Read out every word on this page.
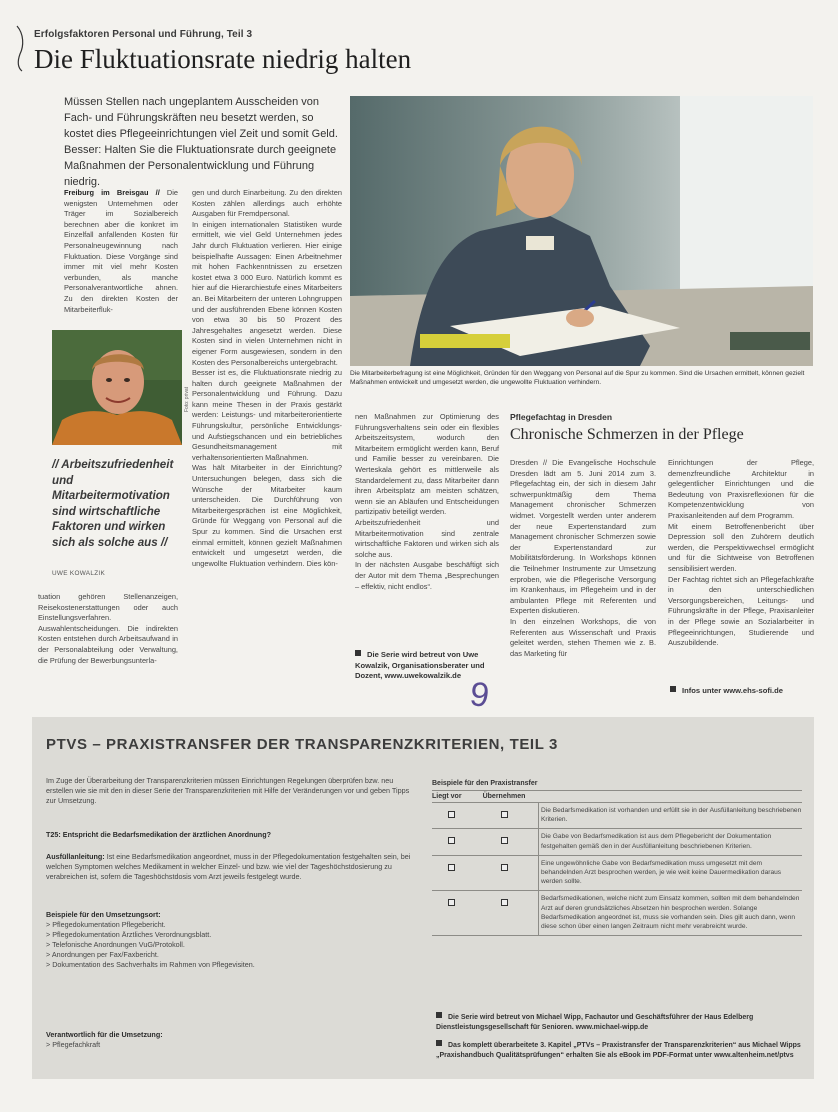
Erfolgsfaktoren Personal und Führung, Teil 3
Die Fluktuationsrate niedrig halten
Müssen Stellen nach ungeplantem Ausscheiden von Fach- und Führungskräften neu besetzt werden, so kostet dies Pflegeeinrichtungen viel Zeit und somit Geld. Besser: Halten Sie die Fluktuationsrate durch geeignete Maßnahmen der Personalentwicklung und Führung niedrig.
Freiburg im Breisgau // Die wenigsten Unternehmen oder Träger im Sozialbereich berechnen aber die konkret im Einzelfall anfallenden Kosten für Personalneugewinnung nach Fluktuation. Diese Vorgänge sind immer mit viel mehr Kosten verbunden, als manche Personalverantwortliche ahnen. Zu den direkten Kosten der Mitarbeiterfluk-
Foto: privat
// Arbeitszufriedenheit und Mitarbeitermotivation sind wirtschaftliche Faktoren und wirken sich als solche aus //
UWE KOWALZIK
tuation gehören Stellenanzeigen, Reisekostenerstattungen oder auch Einstellungsverfahren. Auswahlentscheidungen. Die indirekten Kosten entstehen durch Arbeitsaufwand in der Personalabteilung oder Verwaltung, die Prüfung der Bewerbungsunterla-
gen und durch Einarbeitung. Zu den direkten Kosten zählen allerdings auch erhöhte Ausgaben für Fremdpersonal.
In einigen internationalen Statistiken wurde ermittelt, wie viel Geld Unternehmen jedes Jahr durch Fluktuation verlieren. Hier einige beispielhafte Aussagen: Einen Arbeitnehmer mit hohen Fachkenntnissen zu ersetzen kostet etwa 3 000 Euro. Natürlich kommt es hier auf die Hierarchiestufe eines Mitarbeiters an. Bei Mitarbeitern der unteren Lohngruppen und der ausführenden Ebene können Kosten von etwa 30 bis 50 Prozent des Jahresgehaltes angesetzt werden. Diese Kosten sind in vielen Unternehmen nicht in eigener Form ausgewiesen, sondern in den Kosten des Personalbereichs untergebracht.
Besser ist es, die Fluktuationsrate niedrig zu halten durch geeignete Maßnahmen der Personalentwicklung und Führung. Dazu kann meine Thesen in der Praxis gestärkt werden: Leistungs- und mitarbeiterorientierte Führungskultur, persönliche Entwicklungs- und Aufstiegschancen und ein betriebliches Gesundheitsmanagement mit verhaltensorientierten Maßnahmen.
Was hält Mitarbeiter in der Einrichtung? Untersuchungen belegen, dass sich die Wünsche der Mitarbeiter kaum unterscheiden. Die Durchführung von Mitarbeitergesprächen ist eine Möglichkeit, Gründe für Weggang von Personal auf die Spur zu kommen. Sind die Ursachen erst einmal ermittelt, können gezielt Maßnahmen entwickelt und umgesetzt werden, die ungewollte Fluktuation verhindern. Dies kön-
Die Mitarbeiterbefragung ist eine Möglichkeit, Gründen für den Weggang von Personal auf die Spur zu kommen. Sind die Ursachen ermittelt, können gezielt Maßnahmen entwickelt und umgesetzt werden, die ungewollte Fluktuation verhindern.
nen Maßnahmen zur Optimierung des Führungsverhaltens sein oder ein flexibles Arbeitszeitsystem, wodurch den Mitarbeitern ermöglicht werden kann, Beruf und Familie besser zu vereinbaren. Die Werteskala gehört es mittlerweile als Standardelement zu, dass Mitarbeiter dann ihren Arbeitsplatz am meisten schätzen, wenn sie an Abläufen und Entscheidungen partizipativ beteiligt werden.
Arbeitszufriedenheit und Mitarbeitermotivation sind zentrale wirtschaftliche Faktoren und wirken sich als solche aus.
In der nächsten Ausgabe beschäftigt sich der Autor mit dem Thema „Besprechungen – effektiv, nicht endlos“.
Die Serie wird betreut von Uwe Kowalzik, Organisationsberater und Dozent, www.uwekowalzik.de
Pflegefachtag in Dresden
Chronische Schmerzen in der Pflege
Dresden // Die Evangelische Hochschule Dresden lädt am 5. Juni 2014 zum 3. Pflegefachtag ein, der sich in diesem Jahr schwerpunktmäßig dem Thema Management chronischer Schmerzen widmet. Vorgestellt werden unter anderem der neue Expertenstandard zum Management chronischer Schmerzen sowie der Expertenstandard zur Mobilitätsförderung. In Workshops können die Teilnehmer Instrumente zur Umsetzung erproben, wie die Pflegerische Versorgung im Krankenhaus, im Pflegeheim und in der ambulanten Pflege mit Referenten und Experten diskutieren.
In den einzelnen Workshops, die von Referenten aus Wissenschaft und Praxis geleitet werden, stehen Themen wie z. B. das Marketing für
Einrichtungen der Pflege, demenzfreundliche Architektur in gelegentlicher Einrichtungen und die Bedeutung von Praxisreflexionen für die Kompetenzentwicklung von Praxisanleitenden auf dem Programm.
Mit einem Betroffenenbericht über Depression soll den Zuhörern deutlich werden, die Perspektivwechsel ermöglicht und für die Sichtweise von Betroffenen sensibilisiert werden.
Der Fachtag richtet sich an Pflegefachkräfte in den unterschiedlichen Versorgungsbereichen, Leitungs- und Führungskräfte in der Pflege, Praxisanleiter in der Pflege sowie an Sozialarbeiter in Pflegeeinrichtungen, Studierende und Auszubildende.
Infos unter www.ehs-sofi.de
9
PTVS – PRAXISTRANSFER DER TRANSPARENZKRITERIEN, TEIL 3
Im Zuge der Überarbeitung der Transparenzkriterien müssen Einrichtungen Regelungen überprüfen bzw. neu erstellen wie sie mit den in dieser Serie der Transparenzkriterien mit Hilfe der Veränderungen vor und geben Tipps zur Umsetzung.
T25: Entspricht die Bedarfsmedikation der ärztlichen Anordnung?
Ausfüllanleitung: Ist eine Bedarfsmedikation angeordnet, muss in der Pflegedokumentation festgehalten sein, bei welchen Symptomen welches Medikament in welcher Einzel- und bzw. wie viel der Tageshöchstdosierung zu verabreichen ist, sofern die Tageshöchstdosis vom Arzt jeweils festgelegt wurde.
Beispiele für den Umsetzungsort:
> Pflegedokumentation Pflegebericht.
> Pflegedokumentation Ärztliches Verordnungsblatt.
> Telefonische Anordnungen VuG/Protokoll.
> Anordnungen per Fax/Faxbericht.
> Dokumentation des Sachverhalts im Rahmen von Pflegevisiten.
Verantwortlich für die Umsetzung:
> Pflegefachkraft
Beispiele für den Praxistransfer
Liegt vor	Übernehmen
Die Bedarfsmedikation ist vorhanden und erfüllt sie in der Ausfüllanleitung beschriebenen Kriterien.
Die Gabe von Bedarfsmedikation ist aus dem Pflegebericht der Dokumentation festgehalten gemäß den in der Ausfüllanleitung beschriebenen Kriterien.
Eine ungewöhnliche Gabe von Bedarfsmedikation muss umgesetzt mit dem behandelnden Arzt besprochen werden, je wie weit keine Dauermedikation daraus werden sollte.
Bedarfsmedikationen, welche nicht zum Einsatz kommen, sollten mit dem behandelnden Arzt auf deren grundsätzliches Absetzen hin besprochen werden. Solange Bedarfsmedikation angeordnet ist, muss sie vorhanden sein. Dies gilt auch dann, wenn diese schon über einen langen Zeitraum nicht mehr verabreicht wurde.
Die Serie wird betreut von Michael Wipp, Fachautor und Geschäftsführer der Haus Edelberg Dienstleistungsgesellschaft für Senioren. www.michael-wipp.de
Das komplett überarbeitete 3. Kapitel „PTVs – Praxistransfer der Transparenzkriterien“ aus Michael Wipps „Praxishandbuch Qualitätsprüfungen“ erhalten Sie als eBook im PDF-Format unter www.altenheim.net/ptvs
